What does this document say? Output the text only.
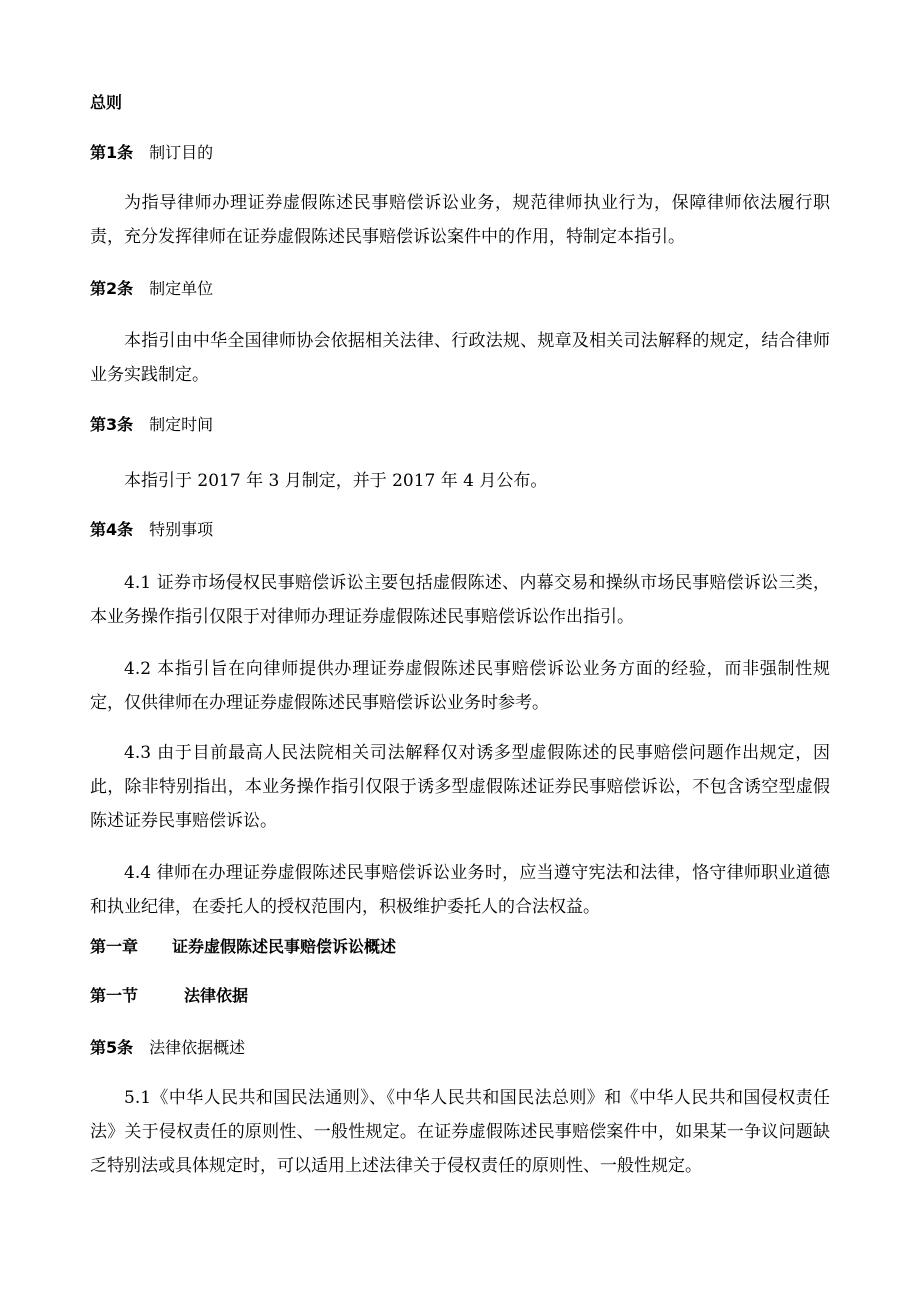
总则
第1条 制订目的

为指导律师办理证券虚假陈述民事赔偿诉讼业务，规范律师执业行为，保障律师依法履行职责，充分发挥律师在证券虚假陈述民事赔偿诉讼案件中的作用，特制定本指引。

第2条 制定单位

本指引由中华全国律师协会依据相关法律、行政法规、规章及相关司法解释的规定，结合律师业务实践制定。

第3条 制定时间

本指引于 2017 年 3 月制定，并于 2017 年 4 月公布。

第4条 特别事项

4.1 证券市场侵权民事赔偿诉讼主要包括虚假陈述、内幕交易和操纵市场民事赔偿诉讼三类，本业务操作指引仅限于对律师办理证券虚假陈述民事赔偿诉讼作出指引。

4.2 本指引旨在向律师提供办理证券虚假陈述民事赔偿诉讼业务方面的经验，而非强制性规定，仅供律师在办理证券虚假陈述民事赔偿诉讼业务时参考。

4.3 由于目前最高人民法院相关司法解释仅对诱多型虚假陈述的民事赔偿问题作出规定，因此，除非特别指出，本业务操作指引仅限于诱多型虚假陈述证券民事赔偿诉讼，不包含诱空型虚假陈述证券民事赔偿诉讼。

4.4 律师在办理证券虚假陈述民事赔偿诉讼业务时，应当遵守宪法和法律，恪守律师职业道德和执业纪律，在委托人的授权范围内，积极维护委托人的合法权益。

第一章 证券虚假陈述民事赔偿诉讼概述
第一节	法律依据
第5条 法律依据概述

5.1《中华人民共和国民法通则》、《中华人民共和国民法总则》和《中华人民共和国侵权责任法》关于侵权责任的原则性、一般性规定。在证券虚假陈述民事赔偿案件中，如果某一争议问题缺乏特别法或具体规定时，可以适用上述法律关于侵权责任的原则性、一般性规定。
